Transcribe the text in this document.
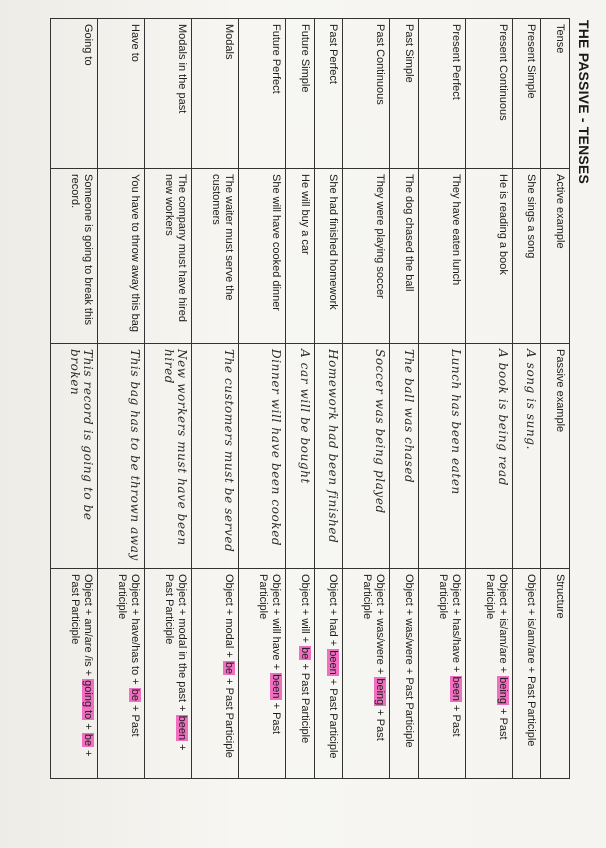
THE PASSIVE - TENSES
Tense	Active example	Passive example	Structure
Present Simple	She sings a song	A song is sung.	Object + is/am/are + Past Participle
Present Continuous	He is reading a book	A book is being read	Object + is/am/are + being + Past Participle
Present Perfect	They have eaten lunch	Lunch has been eaten	Object + has/have + been + Past Participle
Past Simple	The dog chased the ball	The ball was chased	Object + was/were + Past Participle
Past Continuous	They were playing soccer	Soccer was being played	Object + was/were + being + Past Participle
Past Perfect	She had finished homework	Homework had been finished	Object + had + been + Past Participle
Future Simple	He will buy a car	A car will be bought	Object + will + be + Past Participle
Future Perfect	She will have cooked dinner	Dinner will have been cooked	Object + will have + been + Past Participle
Modals	The waiter must serve the customers	The customers must be served	Object + modal + be + Past Participle
Modals in the past	The company must have hired new workers	New workers must have been hired	Object + modal in the past + been + Past Participle
Have to	You have to throw away this bag	This bag has to be thrown away	Object + have/has to + be + Past Participle
Going to	Someone is going to break this record.	This record is going to be broken	Object + am/are /is + going to + be + Past Participle
